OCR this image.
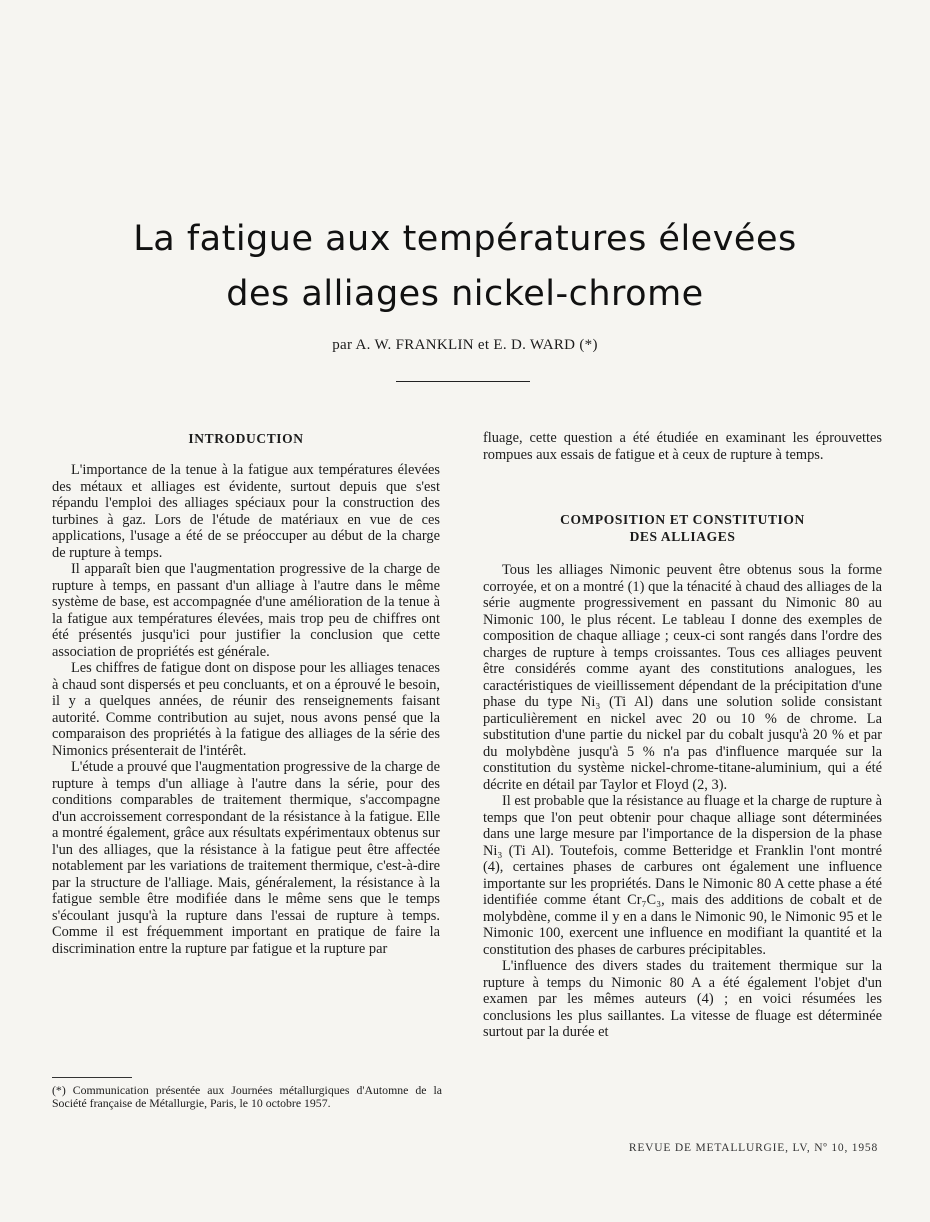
La fatigue aux températures élevées
des alliages nickel-chrome
par A. W. FRANKLIN et E. D. WARD (*)
INTRODUCTION

L'importance de la tenue à la fatigue aux températures élevées des métaux et alliages est évidente, surtout depuis que s'est répandu l'emploi des alliages spéciaux pour la construction des turbines à gaz. Lors de l'étude de matériaux en vue de ces applications, l'usage a été de se préoccuper au début de la charge de rupture à temps.

Il apparaît bien que l'augmentation progressive de la charge de rupture à temps, en passant d'un alliage à l'autre dans le même système de base, est accompagnée d'une amélioration de la tenue à la fatigue aux températures élevées, mais trop peu de chiffres ont été présentés jusqu'ici pour justifier la conclusion que cette association de propriétés est générale.

Les chiffres de fatigue dont on dispose pour les alliages tenaces à chaud sont dispersés et peu concluants, et on a éprouvé le besoin, il y a quelques années, de réunir des renseignements faisant autorité. Comme contribution au sujet, nous avons pensé que la comparaison des propriétés à la fatigue des alliages de la série des Nimonics présenterait de l'intérêt.

L'étude a prouvé que l'augmentation progressive de la charge de rupture à temps d'un alliage à l'autre dans la série, pour des conditions comparables de traitement thermique, s'accompagne d'un accroissement correspondant de la résistance à la fatigue. Elle a montré également, grâce aux résultats expérimentaux obtenus sur l'un des alliages, que la résistance à la fatigue peut être affectée notablement par les variations de traitement thermique, c'est-à-dire par la structure de l'alliage. Mais, généralement, la résistance à la fatigue semble être modifiée dans le même sens que le temps s'écoulant jusqu'à la rupture dans l'essai de rupture à temps. Comme il est fréquemment important en pratique de faire la discrimination entre la rupture par fatigue et la rupture par

fluage, cette question a été étudiée en examinant les éprouvettes rompues aux essais de fatigue et à ceux de rupture à temps.

COMPOSITION ET CONSTITUTION
DES ALLIAGES

Tous les alliages Nimonic peuvent être obtenus sous la forme corroyée, et on a montré (1) que la ténacité à chaud des alliages de la série augmente progressivement en passant du Nimonic 80 au Nimonic 100, le plus récent. Le tableau I donne des exemples de composition de chaque alliage ; ceux-ci sont rangés dans l'ordre des charges de rupture à temps croissantes. Tous ces alliages peuvent être considérés comme ayant des constitutions analogues, les caractéristiques de vieillissement dépendant de la précipitation d'une phase du type Ni₃ (Ti Al) dans une solution solide consistant particulièrement en nickel avec 20 ou 10 % de chrome. La substitution d'une partie du nickel par du cobalt jusqu'à 20 % et par du molybdène jusqu'à 5 % n'a pas d'influence marquée sur la constitution du système nickel-chrome-titane-aluminium, qui a été décrite en détail par Taylor et Floyd (2, 3).

Il est probable que la résistance au fluage et la charge de rupture à temps que l'on peut obtenir pour chaque alliage sont déterminées dans une large mesure par l'importance de la dispersion de la phase Ni₃ (Ti Al). Toutefois, comme Betteridge et Franklin l'ont montré (4), certaines phases de carbures ont également une influence importante sur les propriétés. Dans le Nimonic 80 A cette phase a été identifiée comme étant Cr₇C₃, mais des additions de cobalt et de molybdène, comme il y en a dans le Nimonic 90, le Nimonic 95 et le Nimonic 100, exercent une influence en modifiant la quantité et la constitution des phases de carbures précipitables.

L'influence des divers stades du traitement thermique sur la rupture à temps du Nimonic 80 A a été également l'objet d'un examen par les mêmes auteurs (4) ; en voici résumées les conclusions les plus saillantes. La vitesse de fluage est déterminée surtout par la durée et

(*) Communication présentée aux Journées métallurgiques d'Automne de la Société française de Métallurgie, Paris, le 10 octobre 1957.
REVUE DE METALLURGIE, LV, Nº 10, 1958
